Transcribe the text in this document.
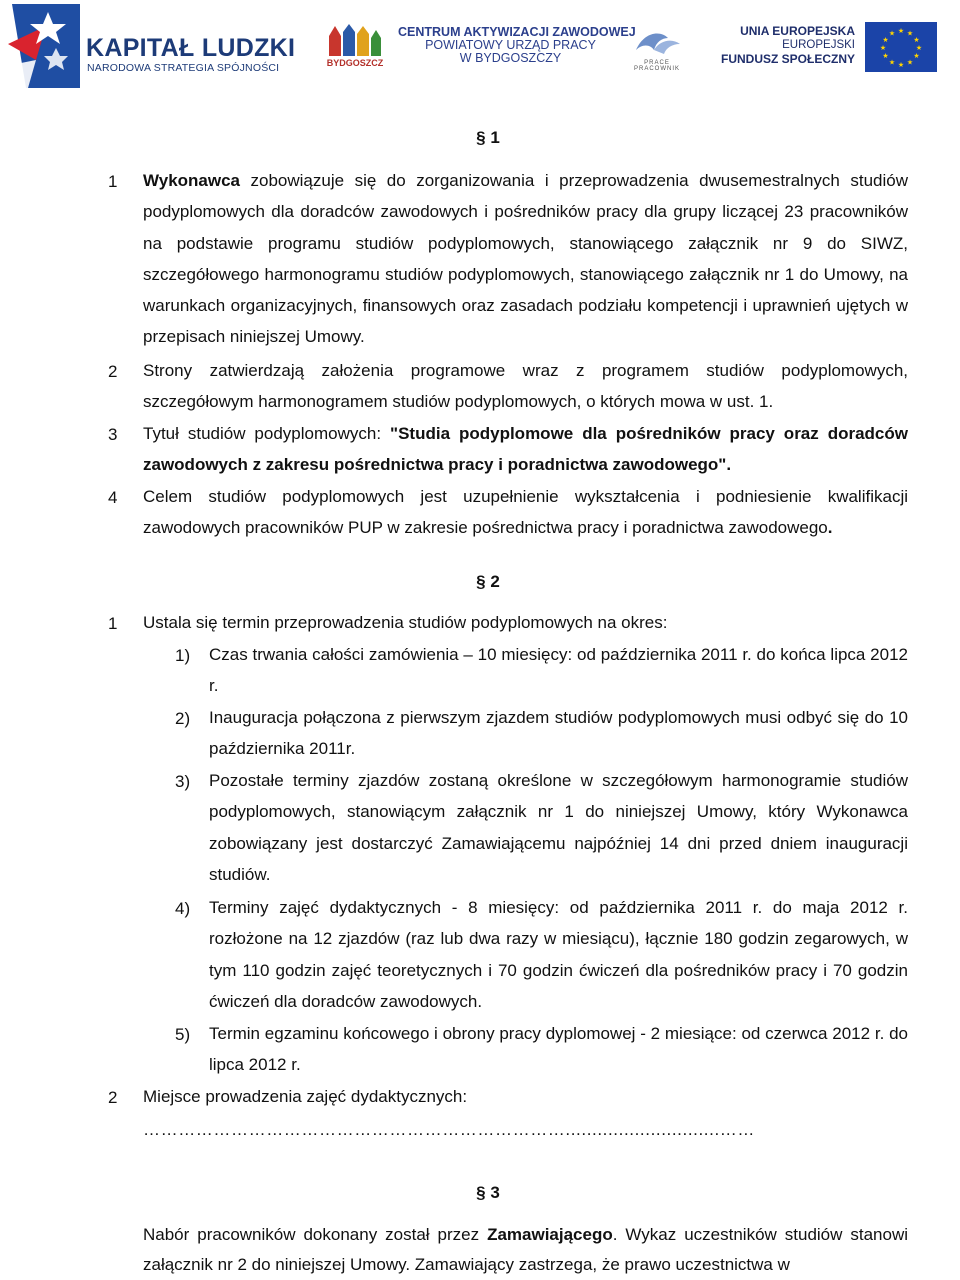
KAPITAŁ LUDZKI
NARODOWA STRATEGIA SPÓJNOŚCI	BYDGOSZCZ
CENTRUM AKTYWIZACJI ZAWODOWEJ
POWIATOWY URZĄD PRACY
W BYDGOSZCZY	PRACE PRACOWNIK
UNIA EUROPEJSKA
EUROPEJSKI
FUNDUSZ SPOŁECZNY
★ ★
★
★
★
★
★
★
★
★
★
★
§ 1
1 Wykonawca zobowiązuje się do zorganizowania i przeprowadzenia dwusemestralnych studiów podyplomowych dla doradców zawodowych i pośredników pracy dla grupy liczącej 23 pracowników na podstawie programu studiów podyplomowych, stanowiącego załącznik nr 9 do SIWZ, szczegółowego harmonogramu studiów podyplomowych, stanowiącego załącznik nr 1 do Umowy, na warunkach organizacyjnych, finansowych oraz zasadach podziału kompetencji i uprawnień ujętych w przepisach niniejszej Umowy.
2 Strony zatwierdzają założenia programowe wraz z programem studiów podyplomowych, szczegółowym harmonogramem studiów podyplomowych, o których mowa w ust. 1.
3 Tytuł studiów podyplomowych: "Studia podyplomowe dla pośredników pracy oraz doradców zawodowych z zakresu pośrednictwa pracy i poradnictwa zawodowego".
4 Celem studiów podyplomowych jest uzupełnienie wykształcenia i podniesienie kwalifikacji zawodowych pracowników PUP w zakresie pośrednictwa pracy i poradnictwa zawodowego.
§ 2
1 Ustala się termin przeprowadzenia studiów podyplomowych na okres:
1) Czas trwania całości zamówienia – 10 miesięcy: od października 2011 r. do końca lipca 2012 r.
2) Inauguracja połączona z pierwszym zjazdem studiów podyplomowych musi odbyć się do 10 października 2011r.
3) Pozostałe terminy zjazdów zostaną określone w szczegółowym harmonogramie studiów podyplomowych, stanowiącym załącznik nr 1 do niniejszej Umowy, który Wykonawca zobowiązany jest dostarczyć Zamawiającemu najpóźniej 14 dni przed dniem inauguracji studiów.
4) Terminy zajęć dydaktycznych - 8 miesięcy: od października 2011 r. do maja 2012 r. rozłożone na 12 zjazdów (raz lub dwa razy w miesiącu), łącznie 180 godzin zegarowych, w tym 110 godzin zajęć teoretycznych i 70 godzin ćwiczeń dla pośredników pracy i 70 godzin ćwiczeń dla doradców zawodowych.
5) Termin egzaminu końcowego i obrony pracy dyplomowej - 2 miesiące: od czerwca 2012 r. do lipca 2012 r.
2 Miejsce prowadzenia zajęć dydaktycznych:
……………………………………………………………….............................……
§ 3
Nabór pracowników dokonany został przez Zamawiającego. Wykaz uczestników studiów stanowi załącznik nr 2 do niniejszej Umowy. Zamawiający zastrzega, że prawo uczestnictwa w
